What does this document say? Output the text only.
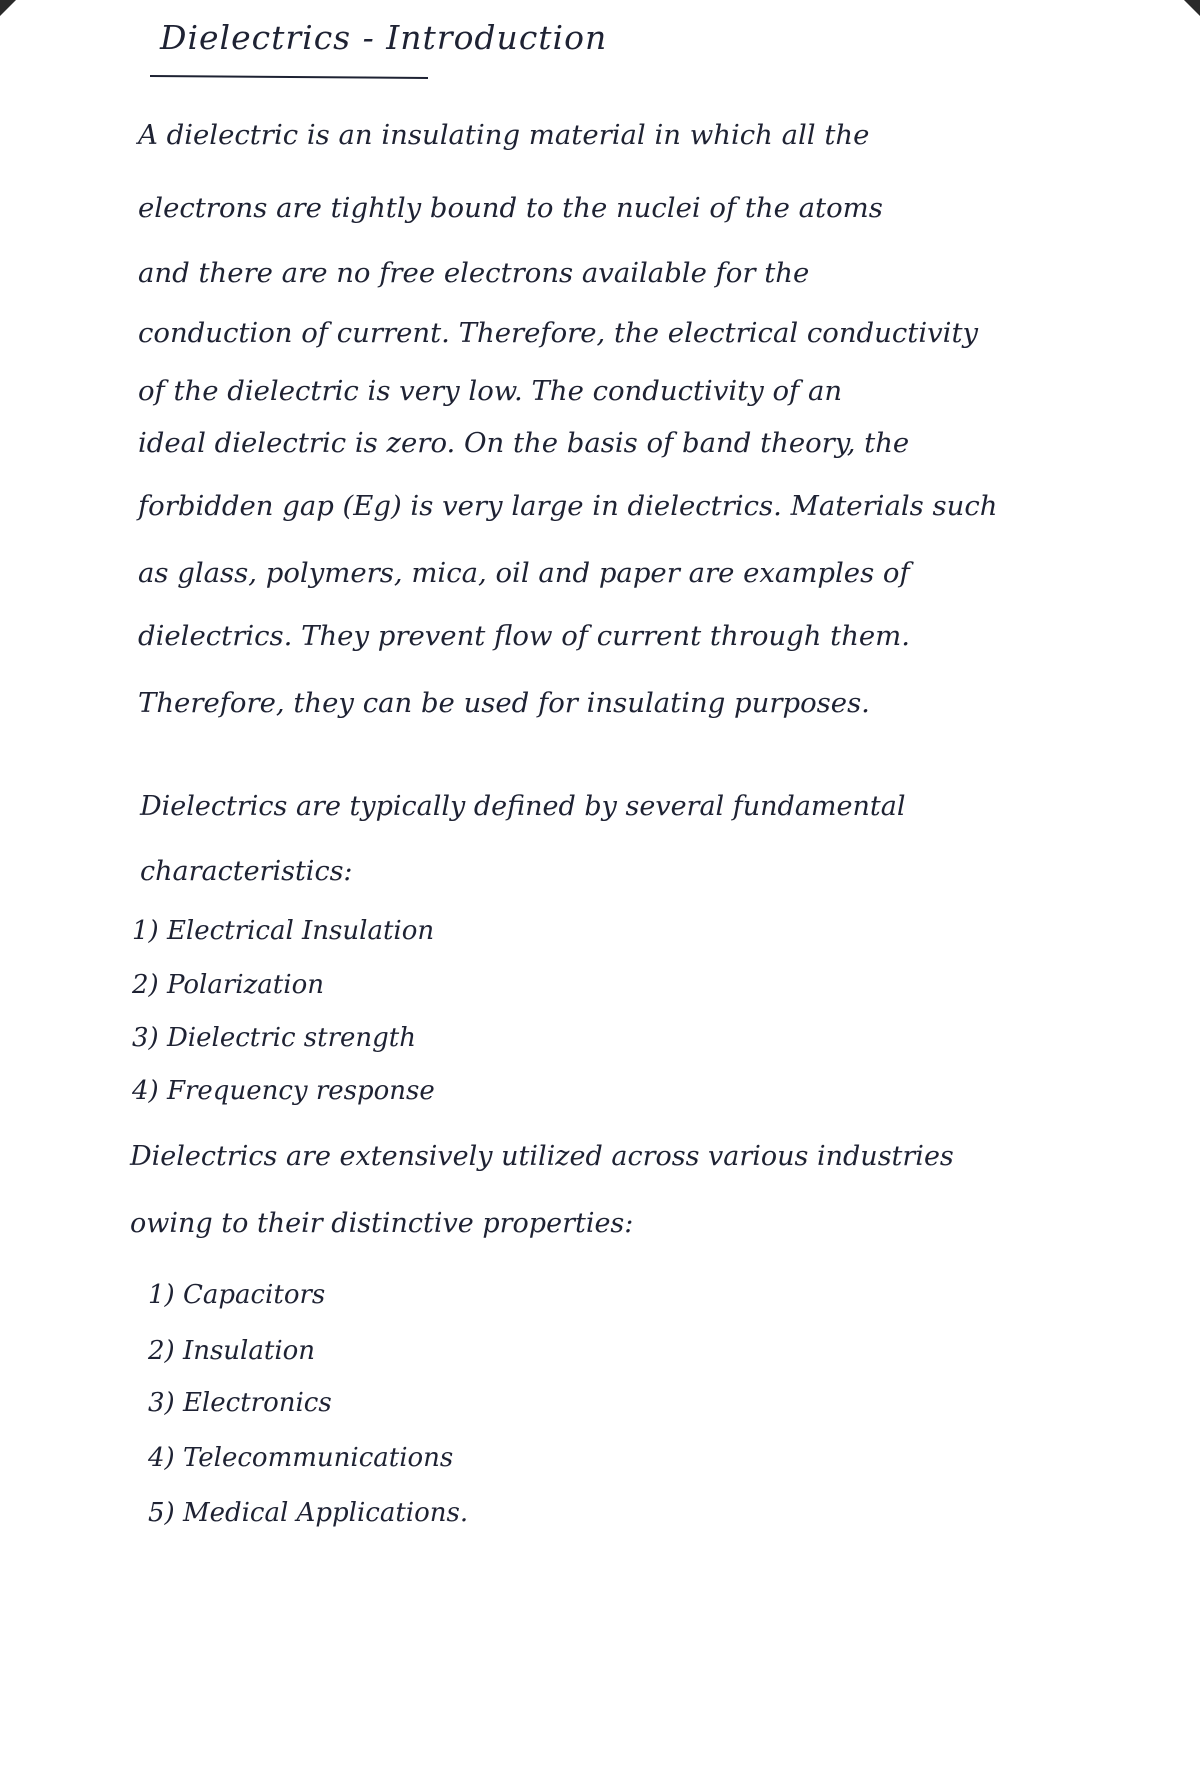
Dielectrics - Introduction
A dielectric is an insulating material in which all the
electrons are tightly bound to the nuclei of the atoms
and there are no free electrons available for the
conduction of current. Therefore, the electrical conductivity
of the dielectric is very low. The conductivity of an
ideal dielectric is zero. On the basis of band theory, the
forbidden gap (Eg) is very large in dielectrics. Materials such
as glass, polymers, mica, oil and paper are examples of
dielectrics. They prevent flow of current through them.
Therefore, they can be used for insulating purposes.
Dielectrics are typically defined by several fundamental
characteristics:
1) Electrical Insulation
2) Polarization
3) Dielectric strength
4) Frequency response
Dielectrics are extensively utilized across various industries
owing to their distinctive properties:
1) Capacitors
2) Insulation
3) Electronics
4) Telecommunications
5) Medical Applications.
